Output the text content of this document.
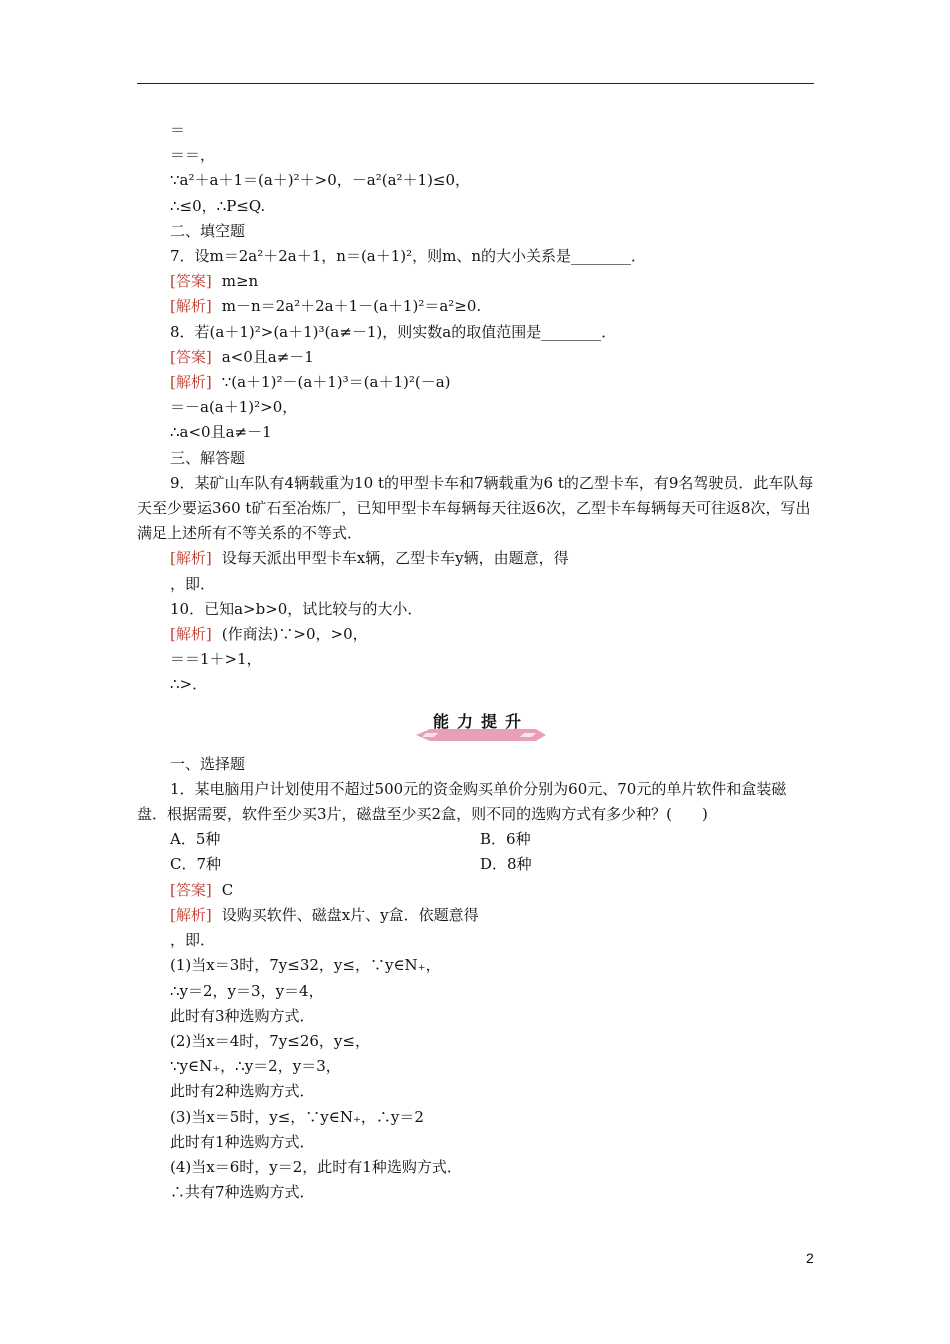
＝
＝＝，
∵a²＋a＋1＝(a＋)²＋>0，－a²(a²＋1)≤0，
∴≤0，∴P≤Q.
二、填空题
7．设m＝2a²＋2a＋1，n＝(a＋1)²，则m、n的大小关系是________．
[答案] m≥n
[解析] m－n＝2a²＋2a＋1－(a＋1)²＝a²≥0.
8．若(a＋1)²>(a＋1)³(a≠－1)，则实数a的取值范围是________．
[答案] a<0且a≠－1
[解析] ∵(a＋1)²－(a＋1)³＝(a＋1)²(－a)
＝－a(a＋1)²>0，
∴a<0且a≠－1
三、解答题
9．某矿山车队有4辆载重为10 t的甲型卡车和7辆载重为6 t的乙型卡车，有9名驾驶员．此车队每天至少要运360 t矿石至冶炼厂，已知甲型卡车每辆每天往返6次，乙型卡车每辆每天可往返8次，写出满足上述所有不等关系的不等式．
[解析] 设每天派出甲型卡车x辆，乙型卡车y辆，由题意，得
，即．
10．已知a>b>0，试比较与的大小．
[解析] (作商法)∵>0，>0，
＝＝1＋>1，
∴>．
能力提升
一、选择题
1．某电脑用户计划使用不超过500元的资金购买单价分别为60元、70元的单片软件和盒装磁盘．根据需要，软件至少买3片，磁盘至少买2盒，则不同的选购方式有多少种？(　　)
A．5种	B．6种
C．7种	D．8种
[答案] C
[解析] 设购买软件、磁盘x片、y盒．依题意得
，即．
(1)当x＝3时，7y≤32，y≤，∵y∈N₊，
∴y＝2，y＝3，y＝4，
此时有3种选购方式．
(2)当x＝4时，7y≤26，y≤，
∵y∈N₊，∴y＝2，y＝3，
此时有2种选购方式．
(3)当x＝5时，y≤，∵y∈N₊，∴y＝2
此时有1种选购方式．
(4)当x＝6时，y＝2，此时有1种选购方式．
∴共有7种选购方式．
2
